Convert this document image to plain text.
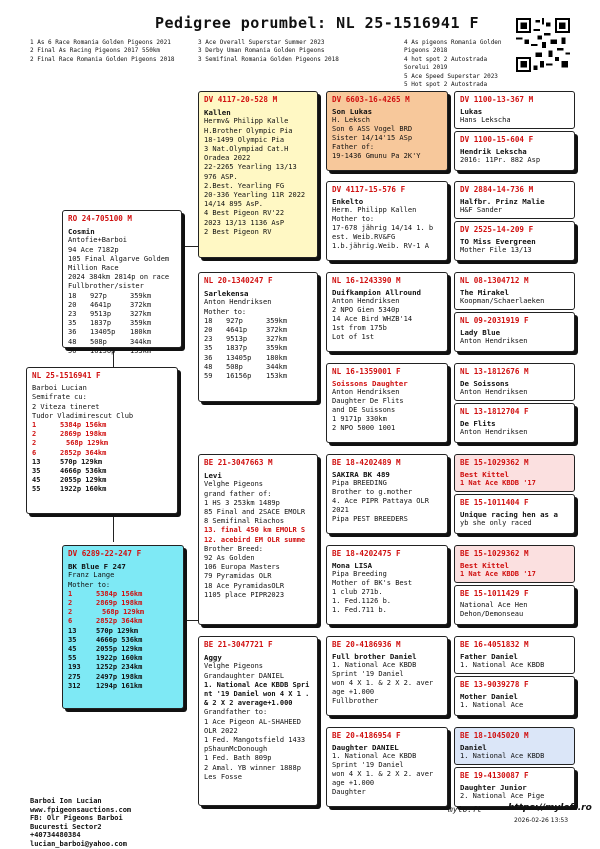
Pedigree porumbel: NL 25-1516941 F
1 As 6 Race Romania Golden Pigeons 2021
2 Final As Racing Pigeons 2017 550km
2 Final Race Romania Golden Pigeons 2018
3 Ace Overall Superstar Summer 2023
3 Derby Uman Romania Golden Pigeons
3 Semifinal Romania Golden Pigeons 2018
4 As pigeons Romania Golden Pigeons 2018
4 hot spot 2 Autostrada Sorelui 2019
5 Ace Speed Superstar 2023
5 Hot spot 2 Autostrada
NL 25-1516941 F
Barboi Lucian
Semifrate cu:
2 Viteza tineret
Tudor Vladimirescut Club
1	5384p 156km
2	2869p 198km
2	568p 129km
6	2852p 364km
13	570p 129km
35	4666p 536km
45	2055p 129km
55	1922p 160km
RO 24-705100 M
Cosmin
Antofie+Barboi
94 Ace 7182p
105 Final Algarve Goldem
Million Race
2024 384km 2814p on race
Fullbrother/sister
18	927p	359km
20	4641p	372km
23	9513p	327km
35	1837p	359km
36	13405p	180km
48	508p	344km
50	16156p	153km
DV 6289-22-247 F
BK Blue F 247
Franz Lange
Mother to:
1	5384p 156km
2	2869p 198km
2	568p 129km
6	2852p 364km
13	570p 129km
35	4666p 536km
45	2055p 129km
55	1922p 160km
193	1252p 234km
275	2497p 198km
312	1294p 161km
DV 4117-20-528 M
Kallen
Hermv& Philipp Kalle
H.Brother Olympic Pia
18-1499 Olympic Pia
3 Nat.Olympiad Cat.H
Oradea 2022
22-2265 Yearling 13/13
976 ASP.
2.Best. Yearling FG
20-336 Yearling 11R 2022
14/14 895 AsP.
4 Best Pigeon RV'22
2023 13/13 1136 AsP
2 Best Pigeon RV
NL 20-1340247 F
Sarlekensa
Anton Hendriksen
Mother to:
18	927p	359km
20	4641p	372km
23	9513p	327km
35	1837p	359km
36	13405p	180km
48	508p	344km
59	16156p	153km
BE 21-3047663 M
Levi
Velghe Pigeons
grand father of:
1 HS 3 253km 1489p
85 Final and 2SACE EMOLR
8 Semifinal Riachos
13. final 450 km EMOLR S
12. acebird EM OLR summe
Brother Breed:
92 As Golden
106 Europa Masters
79 Pyramidas OLR
18 Ace PyramidasOLR
1105 place PIPR2023
BE 21-3047721 F
Aggy
Velghe Pigeons
Grandaughter DANIEL
1. National Ace KBDB Sprint '19 Daniel won 4 X 1 . & 2 X 2 average+1.000
Grandfather to:
1 Ace Pigeon AL-SHAHEED
OLR 2022
1 Fed. Mangotsfield 1433
pShaunMcDonough
1 Fed. Bath 809p
2 Amal. YB winner 1888p
Les Fosse
DV 6603-16-4265 M
Son Lukas
H. Leksch
Son 6 ASS Vogel BRD
Sister 14/14'15 ASp
Father of:
19-1436 Gmunu Pa 2K'Y
DV 4117-15-576 F
Enkelto
Herm. Philipp Kallen
Mother to:
17-678 jährig 14/14 1. b
est. Weib.RV&FG
1.b.jährig.Weib. RV-1 A
NL 16-1243390 M
Duifkampion Allround
Anton Hendriksen
2 NPO Gien 5340p
14 Ace Bird WHZB'14
1st from 175b
Lot of 1st
NL 16-1359001 F
Soissons Daughter
Anton Hendriksen
Daughter De Flits
and DE Suissons
1 9171p 330km
2 NPO 5000 1001
BE 18-4202489 M
SAKIRA BK 489
Pipa BREEDING
Brother to g.mother
4. Ace PIPR Pattaya OLR
2021
Pipa PEST BREEDERS
BE 18-4202475 F
Mona LISA
Pipa Breeding
Mother of BK's Best
1 club 271b.
1. Fed.1126 b.
1. Fed.711 b.
BE 20-4186936 M
Full brother Daniel
1. National Ace KBDB
Sprint '19 Daniel
won 4 X 1. & 2 X 2. aver
age +1.000
Fullbrother
BE 20-4186954 F
Daughter DANIEL
1. National Ace KBDB
Sprint '19 Daniel
won 4 X 1. & 2 X 2. aver
age +1.000
Daughter
DV 1100-13-367 M
Lukas
Hans Lekscha
DV 1100-15-604 F
Hendrik Lekscha
2016: 11Pr. 882 Asp
DV 2884-14-736 M
Halfbr. Prinz Malie
H&F Sander
DV 2525-14-209 F
TO Miss Evergreen
Mother File 13/13
NL 08-1304712 M
The Mirakel
Koopman/Schaerlaeken
NL 09-2031919 F
Lady Blue
Anton Hendriksen
NL 13-1812676 M
De Soissons
Anton Hendriksen
NL 13-1812704 F
De Flits
Anton Hendriksen
BE 15-1029362 M
Best Kittel
1 Nat Ace KBDB '17
BE 15-1011404 F
Unique racing hen as a
yb she only raced
BE 15-1029362 M
Best Kittel
1 Nat Ace KBDB '17
BE 15-1011429 F
National Ace Hen
Dehon/Demonseau
BE 16-4051832 M
Father Daniel
1. National Ace KBDB
BE 13-9039278 F
Mother Daniel
1. National Ace
BE 18-1045020 M
Daniel
1. National Ace KBDB
BE 19-4130087 F
Daughter Junior
2. National Ace Pige
Barboi Ion Lucian
www.fpigeonsauctions.com
FB: Olr Pigeons Barboi
Bucuresti Sector2
+40734480384
lucian_barboi@yahoo.com
mylo.ft	https://myloft.ro
2026-02-26 13:53
